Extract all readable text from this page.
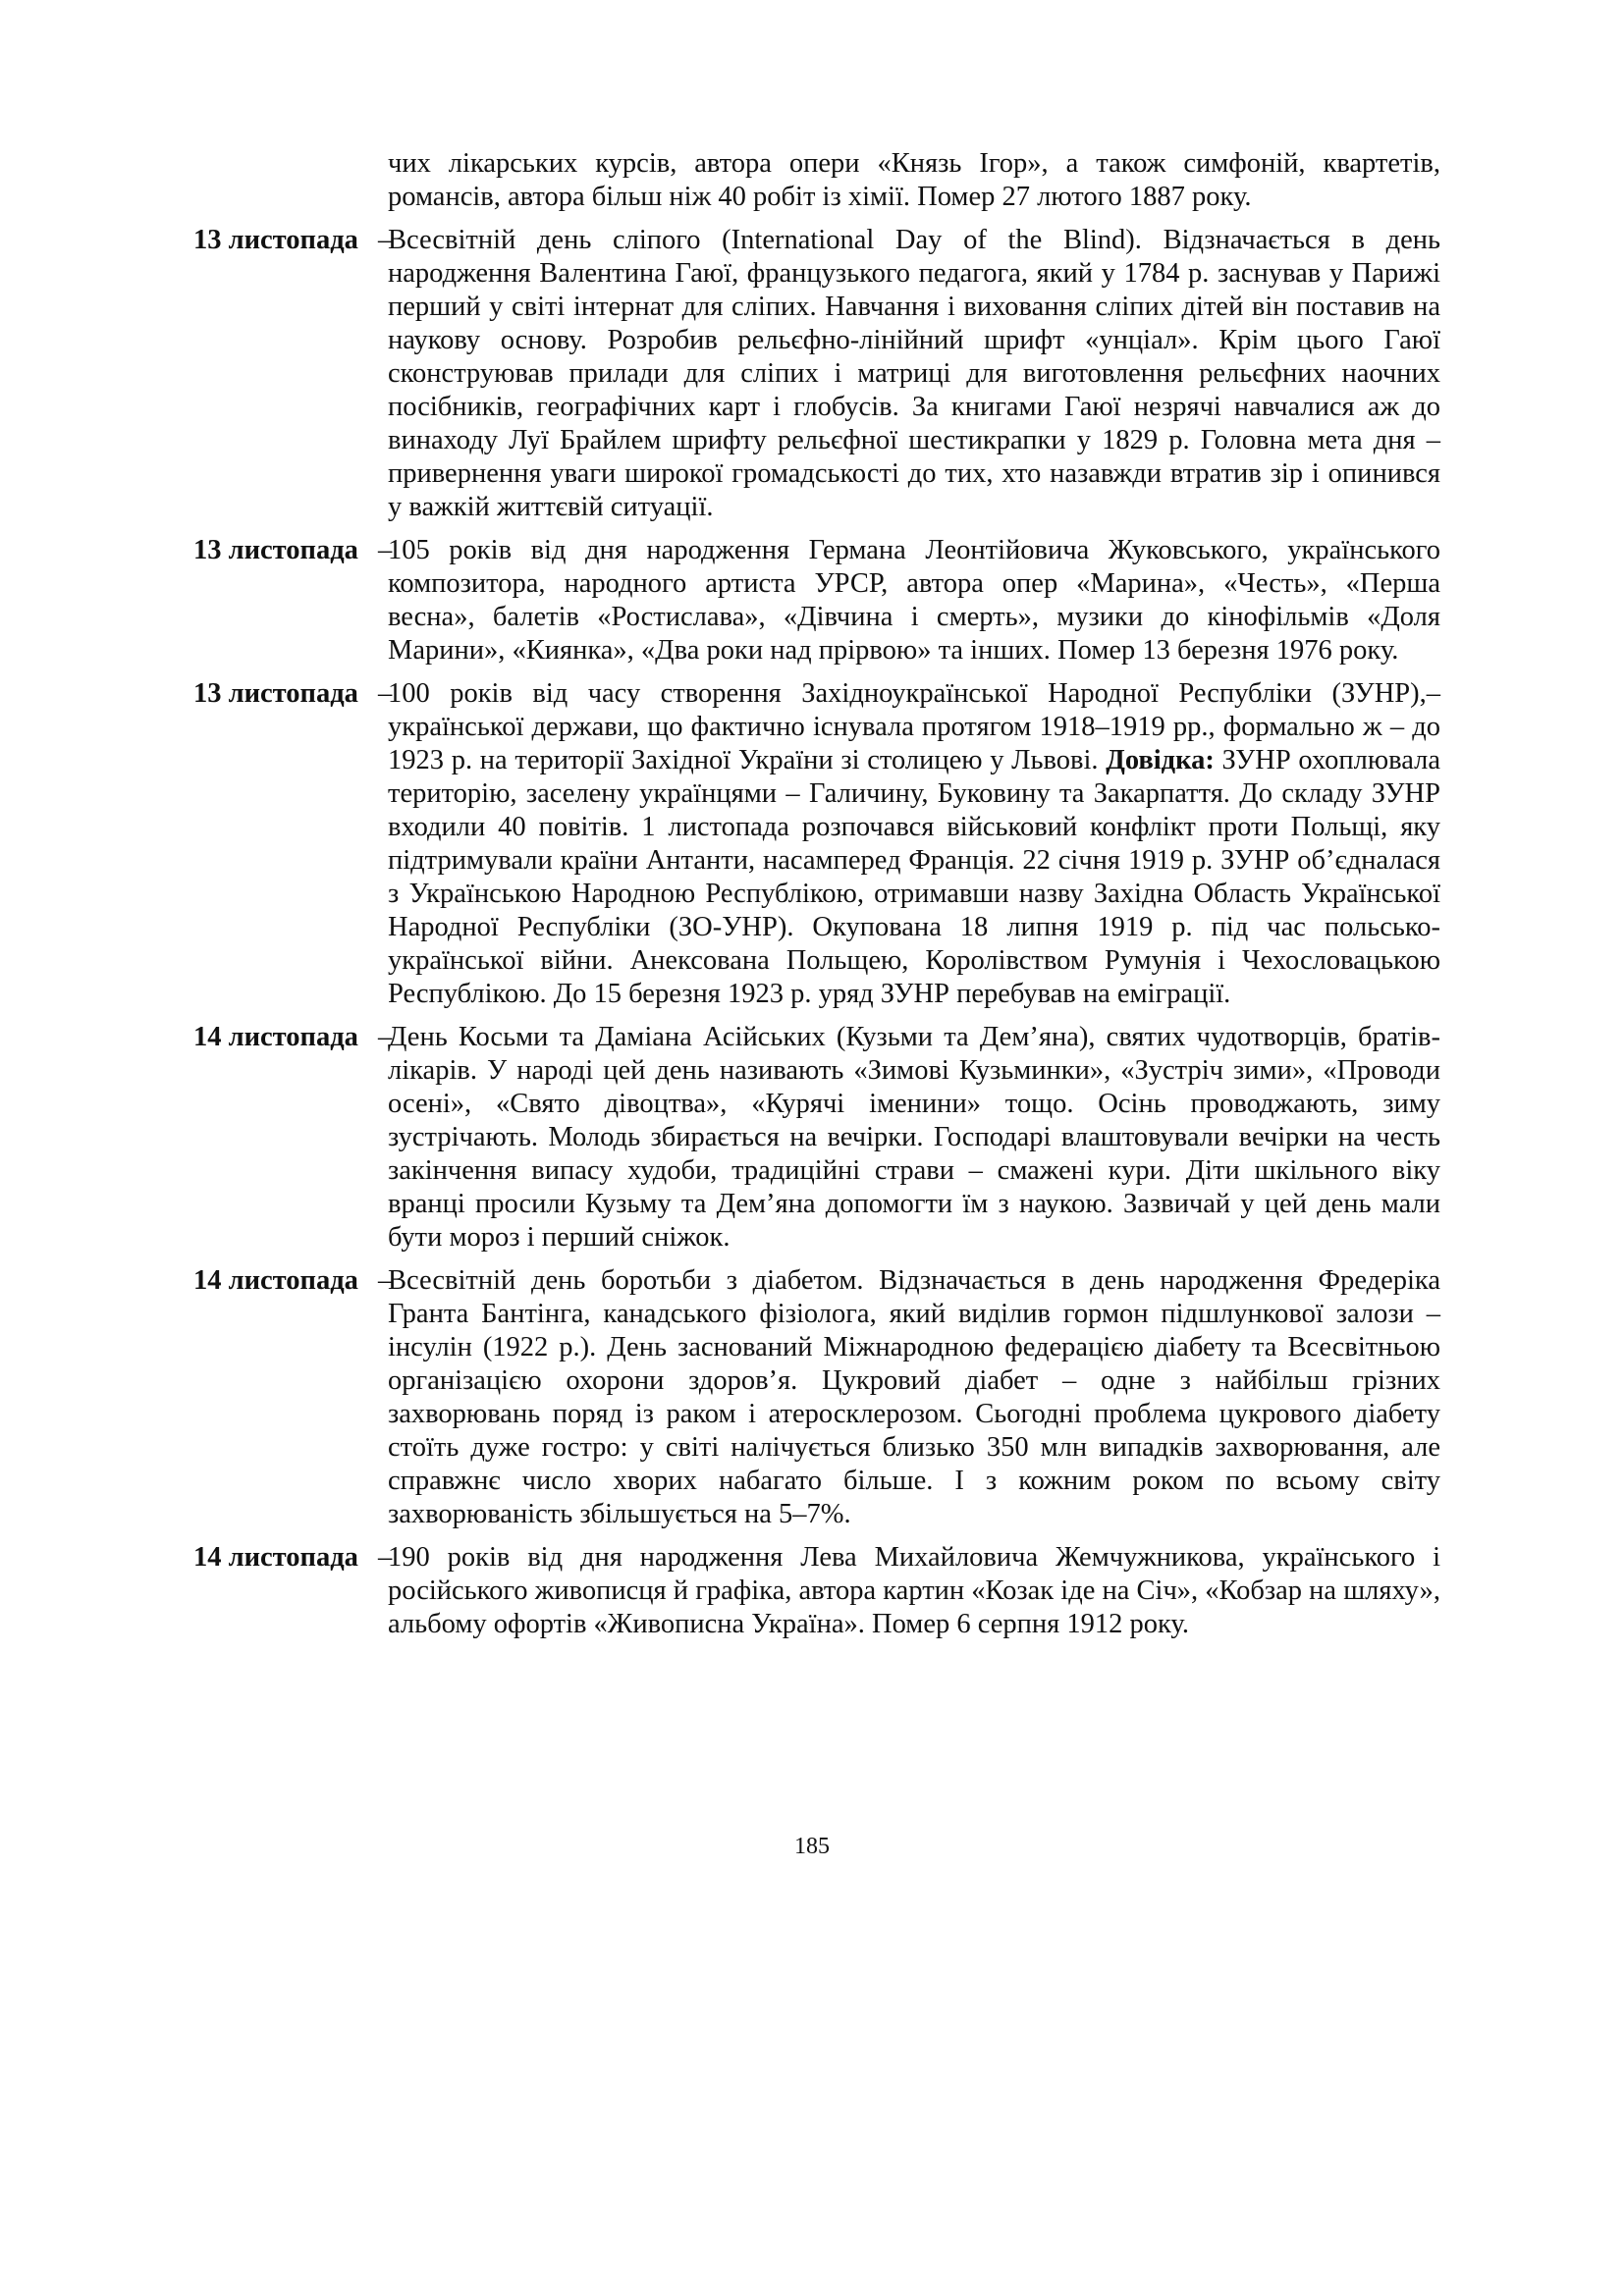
чих лікарських курсів, автора опери «Князь Ігор», а також симфоній, квартетів, романсів, автора більш ніж 40 робіт із хімії. Помер 27 лютого 1887 року.

13 листопада –
Всесвітній день сліпого (International Day of the Blind). Відзначається в день народження Валентина Гаюї, французького педагога, який у 1784 р. заснував у Парижі перший у світі інтернат для сліпих. Навчання і виховання сліпих дітей він поставив на наукову основу. Розробив рельєфно-лінійний шрифт «унціал». Крім цього Гаюї сконструював прилади для сліпих і матриці для виготовлення рельєфних наочних посібників, географічних карт і глобусів. За книгами Гаюї незрячі навчалися аж до винаходу Луї Брайлем шрифту рельєфної шестикрапки у 1829 р. Головна мета дня – привернення уваги широкої громадськості до тих, хто назавжди втратив зір і опинився у важкій життєвій ситуації.

13 листопада –
105 років від дня народження Германа Леонтійовича Жуковського, українського композитора, народного артиста УРСР, автора опер «Марина», «Честь», «Перша весна», балетів «Ростислава», «Дівчина і смерть», музики до кінофільмів «Доля Марини», «Киянка», «Два роки над прірвою» та інших. Помер 13 березня 1976 року.

13 листопада –
100 років від часу створення Західноукраїнської Народної Республіки (ЗУНР),– української держави, що фактично існувала протягом 1918–1919 рр., формально ж – до 1923 р. на території Західної України зі столицею у Львові. Довідка: ЗУНР охоплювала територію, заселену українцями – Галичину, Буковину та Закарпаття. До складу ЗУНР входили 40 повітів. 1 листопада розпочався військовий конфлікт проти Польщі, яку підтримували країни Антанти, насамперед Франція. 22 січня 1919 р. ЗУНР об’єдналася з Українською Народною Республікою, отримавши назву Західна Область Української Народної Республіки (ЗО-УНР). Окупована 18 липня 1919 р. під час польсько-української війни. Анексована Польщею, Королівством Румунія і Чехословацькою Республікою. До 15 березня 1923 р. уряд ЗУНР перебував на еміграції.

14 листопада –
День Косьми та Даміана Асійських (Кузьми та Дем’яна), святих чудотворців, братів-лікарів. У народі цей день називають «Зимові Кузьминки», «Зустріч зими», «Проводи осені», «Свято дівоцтва», «Курячі іменини» тощо. Осінь проводжають, зиму зустрічають. Молодь збирається на вечірки. Господарі влаштовували вечірки на честь закінчення випасу худоби, традиційні страви – смажені кури. Діти шкільного віку вранці просили Кузьму та Дем’яна допомогти їм з наукою. Зазвичай у цей день мали бути мороз і перший сніжок.

14 листопада –
Всесвітній день боротьби з діабетом. Відзначається в день народження Фредеріка Гранта Бантінга, канадського фізіолога, який виділив гормон підшлункової залози – інсулін (1922 р.). День заснований Міжнародною федерацією діабету та Всесвітньою організацією охорони здоров’я. Цукровий діабет – одне з найбільш грізних захворювань поряд із раком і атеросклерозом. Сьогодні проблема цукрового діабету стоїть дуже гостро: у світі налічується близько 350 млн випадків захворювання, але справжнє число хворих набагато більше. І з кожним роком по всьому світу захворюваність збільшується на 5–7%.

14 листопада –
190 років від дня народження Лева Михайловича Жемчужникова, українського і російського живописця й графіка, автора картин «Козак іде на Січ», «Кобзар на шляху», альбому офортів «Живописна Україна». Помер 6 серпня 1912 року.

185
